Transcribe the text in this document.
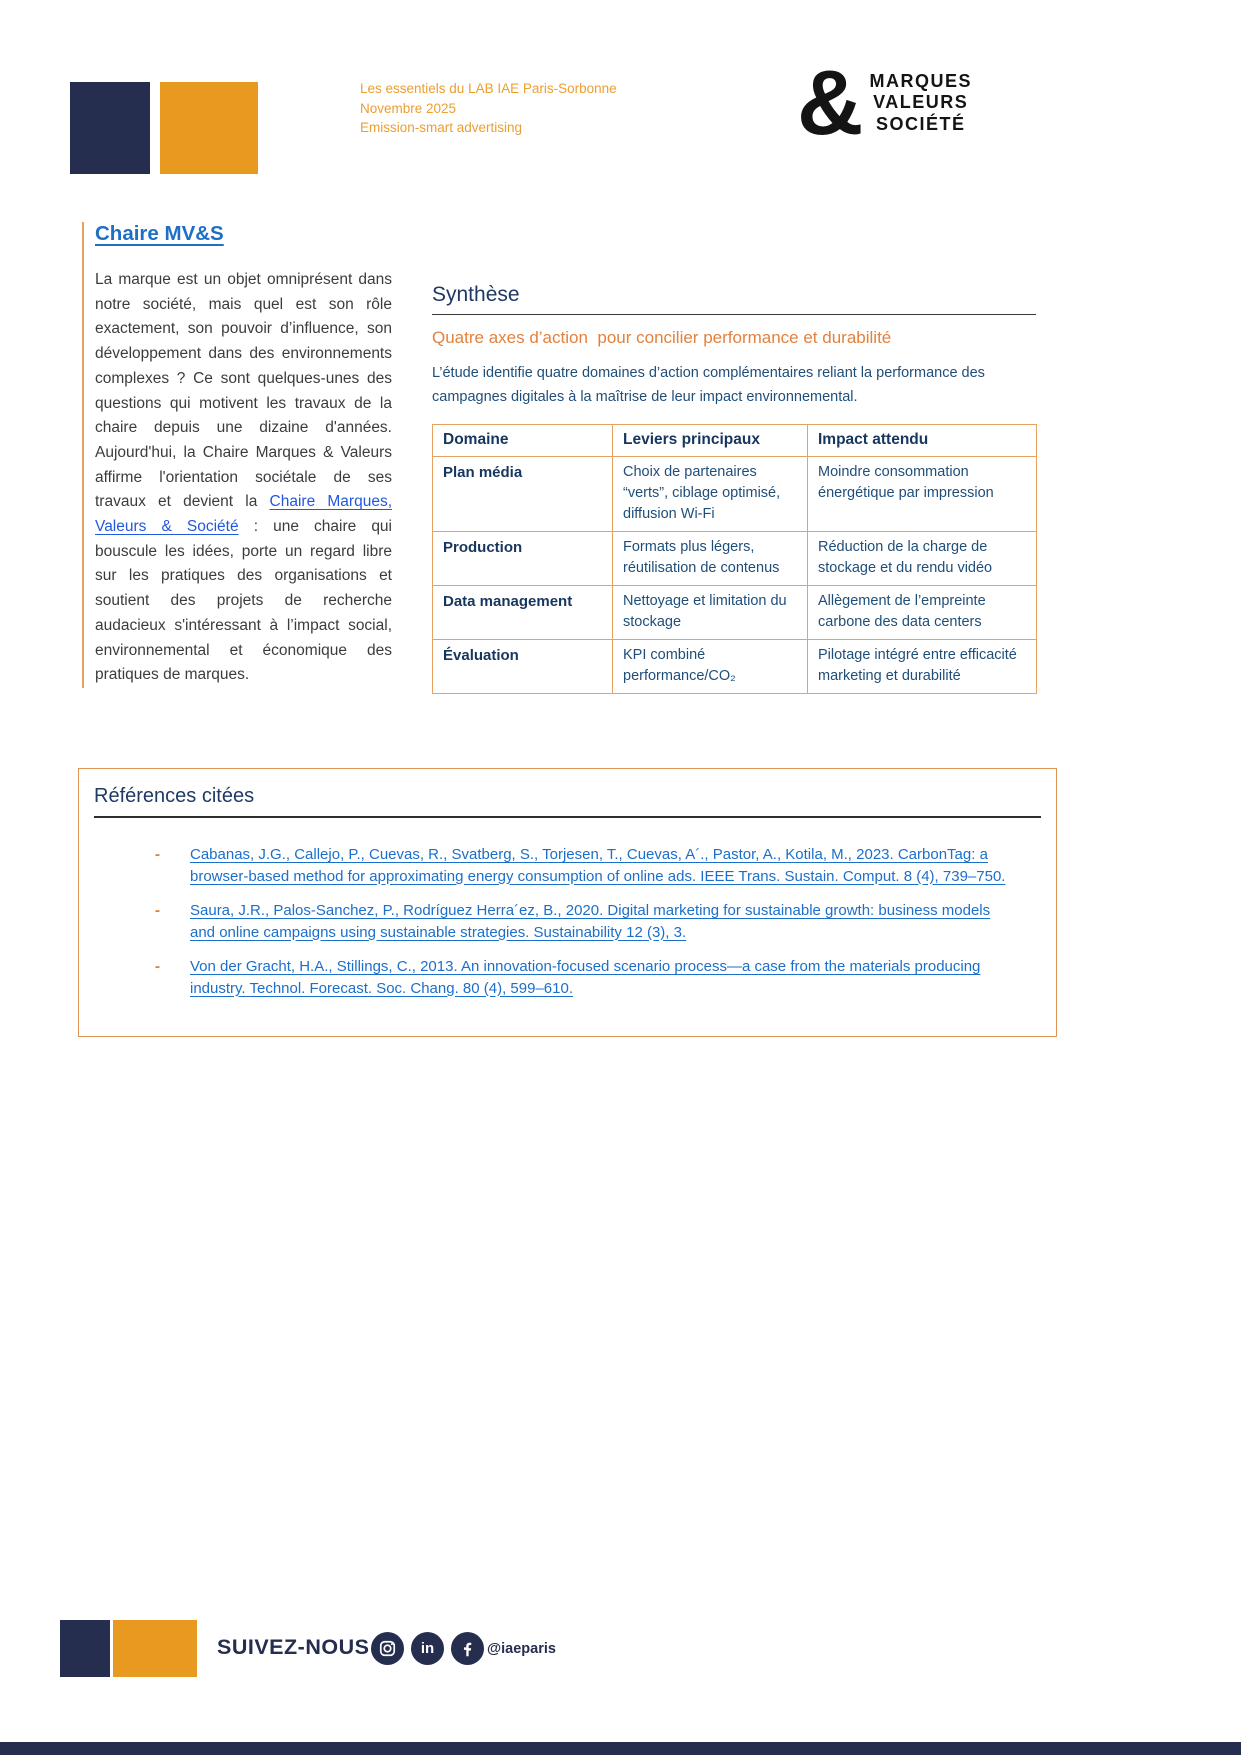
Les essentiels du LAB IAE Paris-Sorbonne
Novembre 2025
Emission-smart advertising	& MARQUES
VALEURS
SOCIÉTÉ
Chaire MV&S

La marque est un objet omniprésent dans notre société, mais quel est son rôle exactement, son pouvoir d’influence, son développement dans des environnements complexes ? Ce sont quelques-unes des questions qui motivent les travaux de la chaire depuis une dizaine d'années. Aujourd'hui, la Chaire Marques & Valeurs affirme l'orientation sociétale de ses travaux et devient la Chaire Marques, Valeurs & Société : une chaire qui bouscule les idées, porte un regard libre sur les pratiques des organisations et soutient des projets de recherche audacieux s'intéressant à l’impact social, environnemental et économique des pratiques de marques.

Synthèse
Quatre axes d’action  pour concilier performance et durabilité

L’étude identifie quatre domaines d’action complémentaires reliant la performance des campagnes digitales à la maîtrise de leur impact environnemental.

Domaine	Leviers principaux	Impact attendu
Plan média	Choix de partenaires “verts”, ciblage optimisé, diffusion Wi-Fi	Moindre consommation énergétique par impression
Production	Formats plus légers, réutilisation de contenus	Réduction de la charge de stockage et du rendu vidéo
Data management	Nettoyage et limitation du stockage	Allègement de l’empreinte carbone des data centers
Évaluation	KPI combiné performance/CO₂	Pilotage intégré entre efficacité marketing et durabilité
Références citées
-	Cabanas, J.G., Callejo, P., Cuevas, R., Svatberg, S., Torjesen, T., Cuevas, A´., Pastor, A., Kotila, M., 2023. CarbonTag: a browser-based method for approximating energy consumption of online ads. IEEE Trans. Sustain. Comput. 8 (4), 739–750.
-	Saura, J.R., Palos-Sanchez, P., Rodríguez Herra´ez, B., 2020. Digital marketing for sustainable growth: business models and online campaigns using sustainable strategies. Sustainability 12 (3), 3.
-	Von der Gracht, H.A., Stillings, C., 2013. An innovation-focused scenario process—a case from the materials producing industry. Technol. Forecast. Soc. Chang. 80 (4), 599–610.
SUIVEZ-NOUS	in	@iaeparis
